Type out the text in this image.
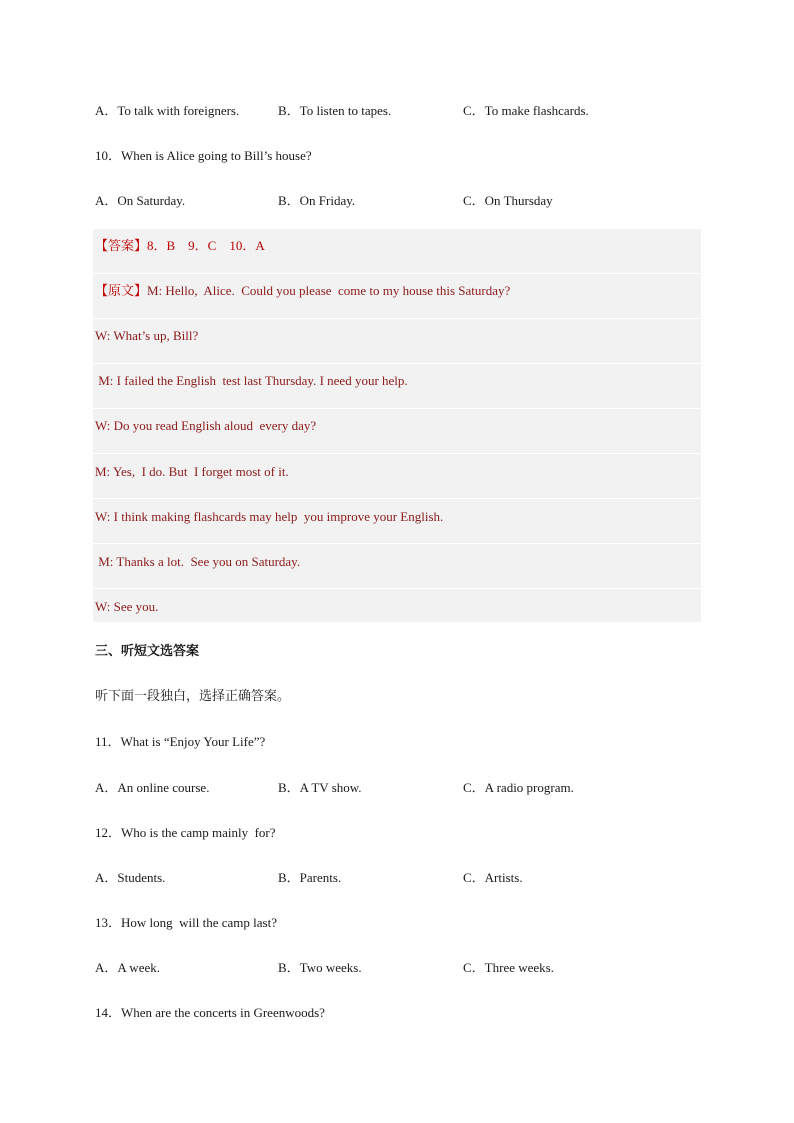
A．To talk with foreigners.	B．To listen to tapes.	C．To make flashcards.
10．When is Alice going to Bill’s house?
A．On Saturday.	B．On Friday.	C．On Thursday
【答案】8．B    9．C    10．A
【原文】M: Hello,  Alice.  Could you please  come to my house this Saturday?
W: What’s up, Bill?
M: I failed the English  test last Thursday. I need your help.
W: Do you read English aloud  every day?
M: Yes,  I do. But  I forget most of it.
W: I think making flashcards may help  you improve your English.
M: Thanks a lot.  See you on Saturday.
W: See you.
三、听短文选答案
听下面一段独白，选择正确答案。
11．What is “Enjoy Your Life”?
A．An online course.	B．A TV show.	C．A radio program.
12．Who is the camp mainly  for?
A．Students.	B．Parents.	C．Artists.
13．How long  will the camp last?
A．A week.	B．Two weeks.	C．Three weeks.
14．When are the concerts in Greenwoods?
